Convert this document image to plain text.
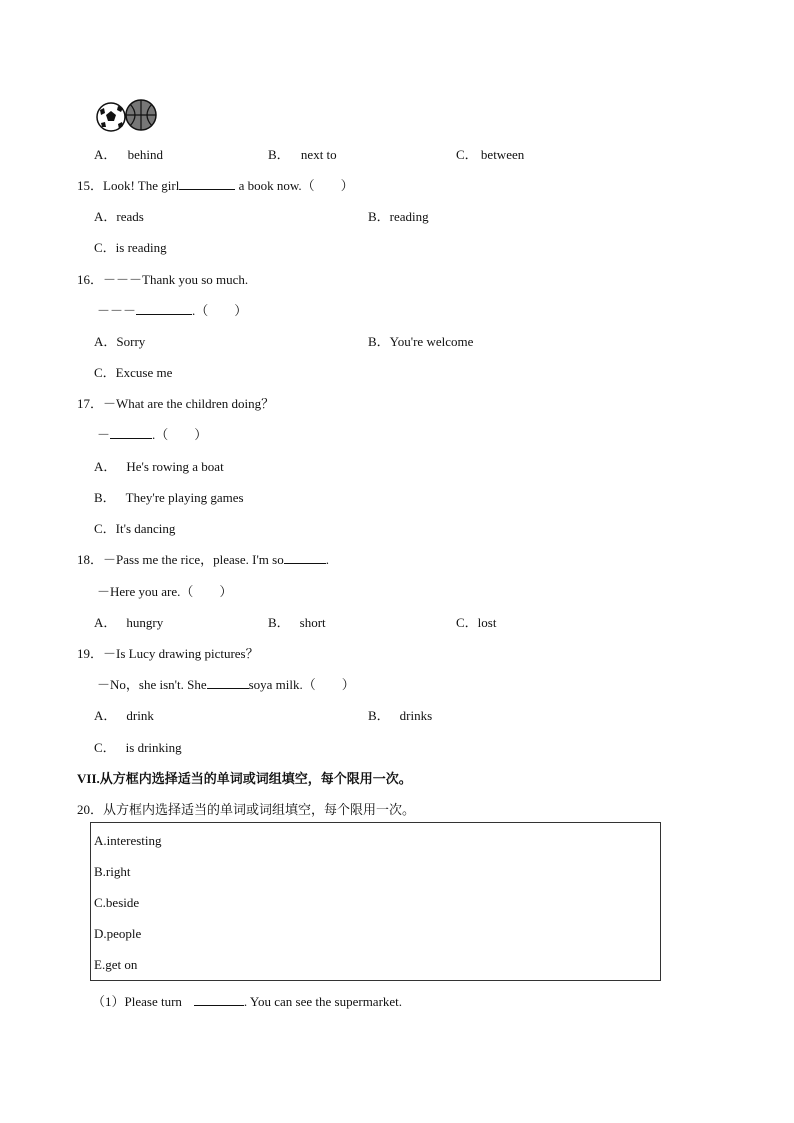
A． behind	B． next to	C． between
15．Look! The girl	a book now.（　　）
A．reads	B．reading
C．is reading
16．－－－Thank you so much.
－－－	.（　　）
A．Sorry	B．You're welcome
C．Excuse me
17．－What are the children doing？
－	.（　　）
A． He's rowing a boat
B． They're playing games
C．It's dancing
18．－Pass me the rice，please. I'm so	.
－Here you are.（　　）
A． hungry	B． short	C．lost
19．－Is Lucy drawing pictures？
－No，she isn't. She	soya milk.（　　）
A． drink	B． drinks
C． is drinking
VII.从方框内选择适当的单词或词组填空，每个限用一次。
20．从方框内选择适当的单词或词组填空，每个限用一次。
A.interesting
B.right
C.beside
D.people
E.get on
（1）Please turn	. You can see the supermarket.
